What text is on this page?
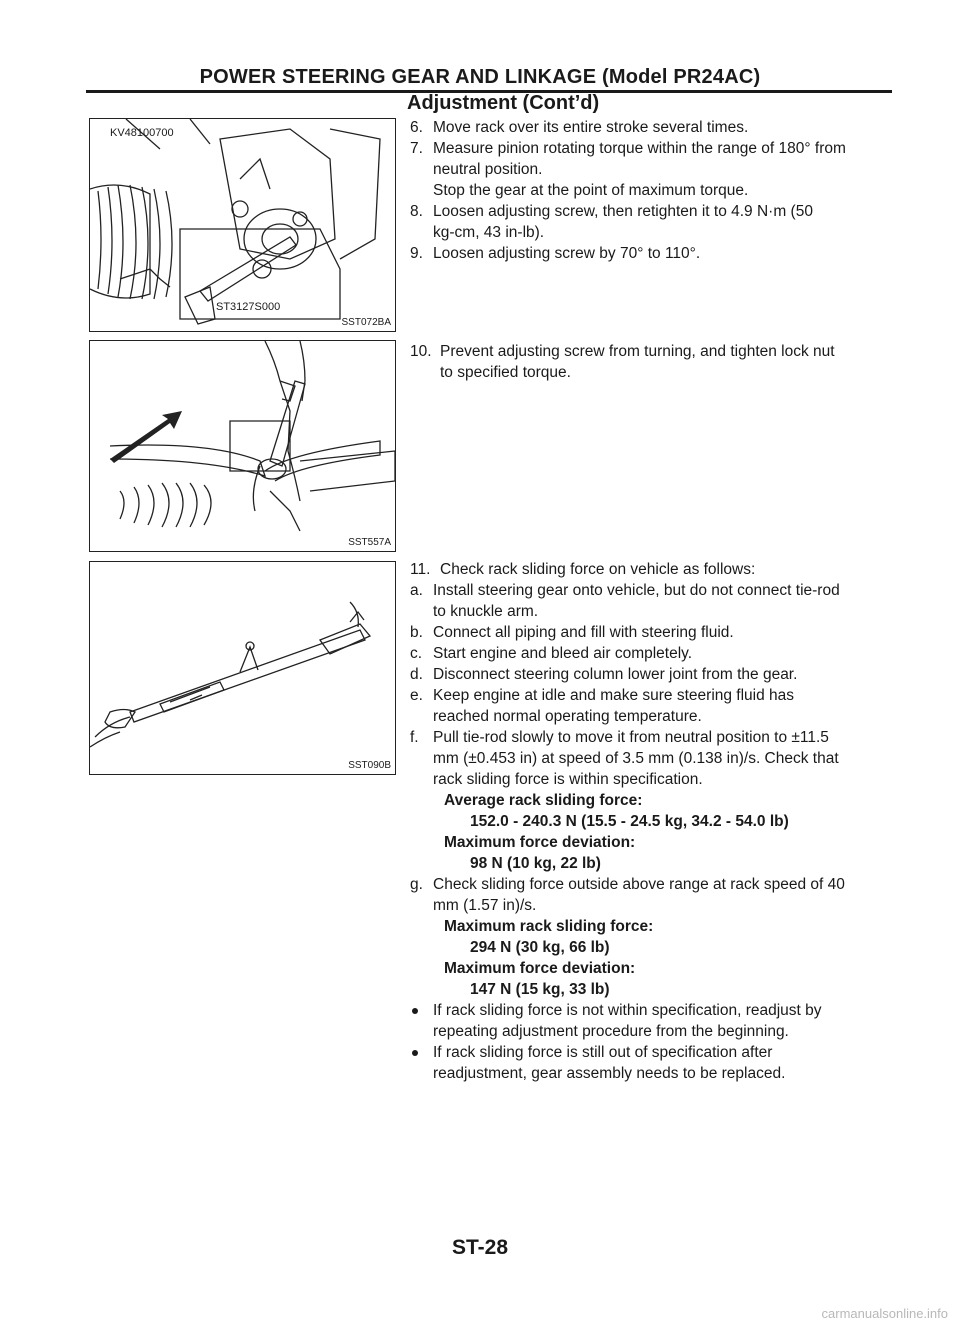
POWER STEERING GEAR AND LINKAGE (Model PR24AC)
Adjustment (Cont’d)
KV48100700
ST3127S000
SST072BA
SST557A
SST090B
6. Move rack over its entire stroke several times.
7. Measure pinion rotating torque within the range of 180° from
neutral position.
Stop the gear at the point of maximum torque.
8. Loosen adjusting screw, then retighten it to 4.9 N·m (50
kg-cm, 43 in-lb).
9. Loosen adjusting screw by 70° to 110°.
10. Prevent adjusting screw from turning, and tighten lock nut
to specified torque.
11. Check rack sliding force on vehicle as follows:
a. Install steering gear onto vehicle, but do not connect tie-rod
to knuckle arm.
b. Connect all piping and fill with steering fluid.
c. Start engine and bleed air completely.
d. Disconnect steering column lower joint from the gear.
e. Keep engine at idle and make sure steering fluid has
reached normal operating temperature.
f. Pull tie-rod slowly to move it from neutral position to ±11.5
mm (±0.453 in) at speed of 3.5 mm (0.138 in)/s. Check that
rack sliding force is within specification.
Average rack sliding force:
152.0 - 240.3 N (15.5 - 24.5 kg, 34.2 - 54.0 lb)
Maximum force deviation:
98 N (10 kg, 22 lb)
g. Check sliding force outside above range at rack speed of 40
mm (1.57 in)/s.
Maximum rack sliding force:
294 N (30 kg, 66 lb)
Maximum force deviation:
147 N (15 kg, 33 lb)
If rack sliding force is not within specification, readjust by
repeating adjustment procedure from the beginning.
If rack sliding force is still out of specification after
readjustment, gear assembly needs to be replaced.
ST-28
carmanualsonline.info
